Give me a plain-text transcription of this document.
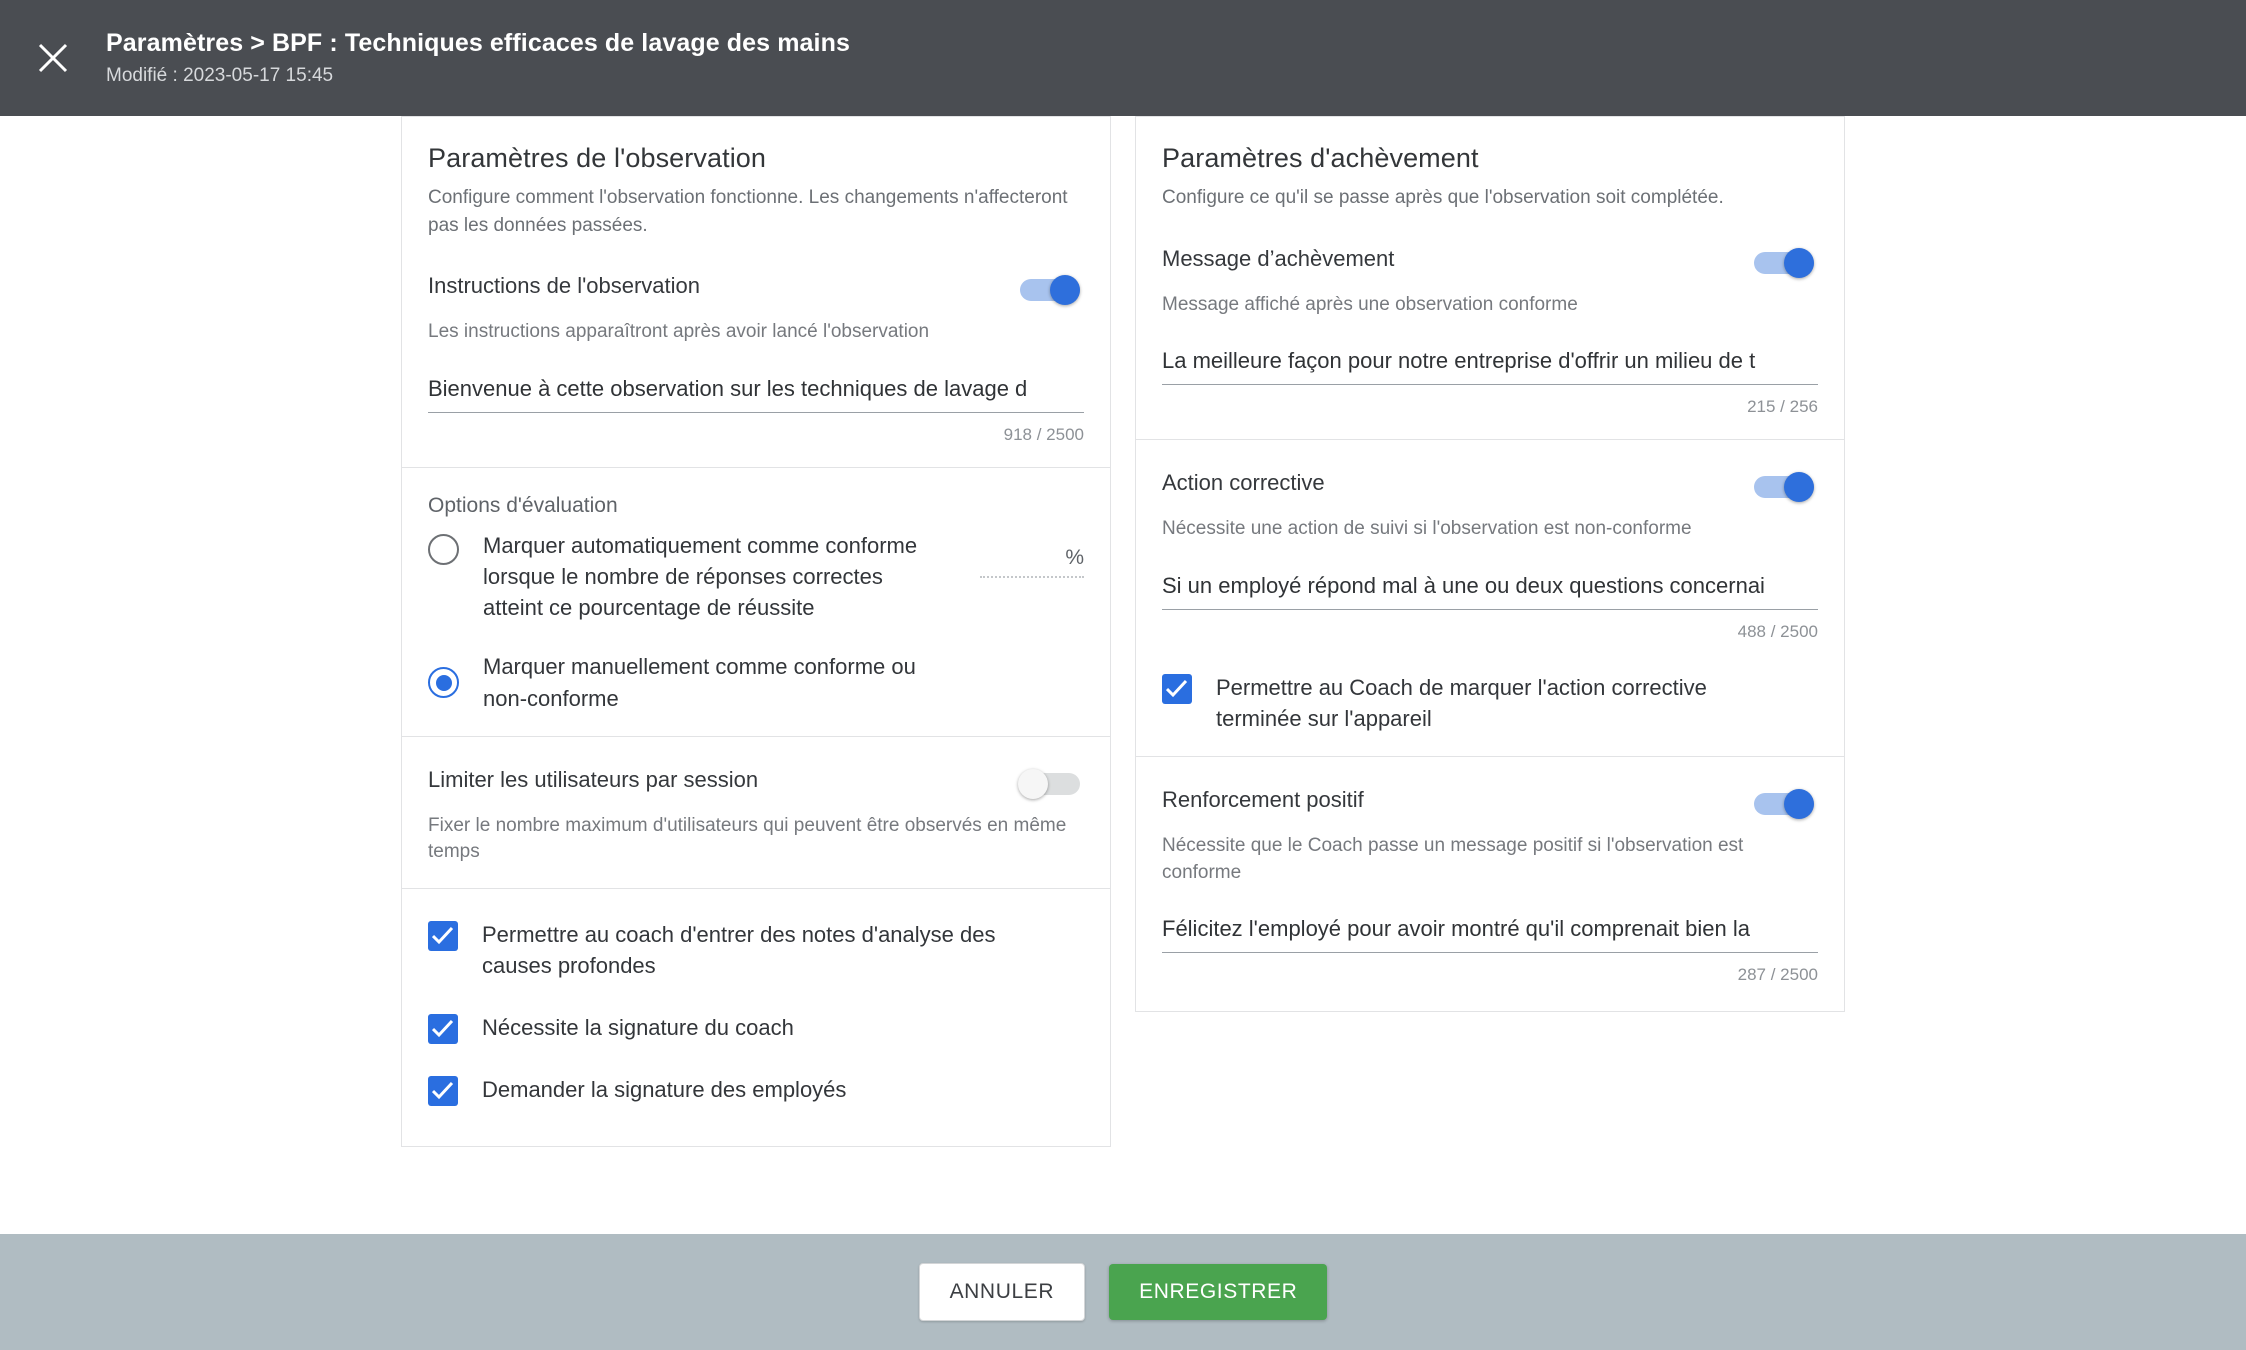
Paramètres > BPF : Techniques efficaces de lavage des mains
Modifié : 2023-05-17 15:45
Paramètres de l'observation
Configure comment l'observation fonctionne. Les changements n'affecteront pas les données passées.
Instructions de l'observation
Les instructions apparaîtront après avoir lancé l'observation
Bienvenue à cette observation sur les techniques de lavage d
918 / 2500
Options d'évaluation
Marquer automatiquement comme conforme lorsque le nombre de réponses correctes atteint ce pourcentage de réussite
%
Marquer manuellement comme conforme ou non-conforme
Limiter les utilisateurs par session
Fixer le nombre maximum d'utilisateurs qui peuvent être observés en même temps
Permettre au coach d'entrer des notes d'analyse des causes profondes
Nécessite la signature du coach
Demander la signature des employés
Paramètres d'achèvement
Configure ce qu'il se passe après que l'observation soit complétée.
Message d’achèvement
Message affiché après une observation conforme
La meilleure façon pour notre entreprise d'offrir un milieu de t
215 / 256
Action corrective
Nécessite une action de suivi si l'observation est non-conforme
Si un employé répond mal à une ou deux questions concernai
488 / 2500
Permettre au Coach de marquer l'action corrective terminée sur l'appareil
Renforcement positif
Nécessite que le Coach passe un message positif si l'observation est conforme
Félicitez l'employé pour avoir montré qu'il comprenait bien la
287 / 2500
ANNULER	ENREGISTRER
